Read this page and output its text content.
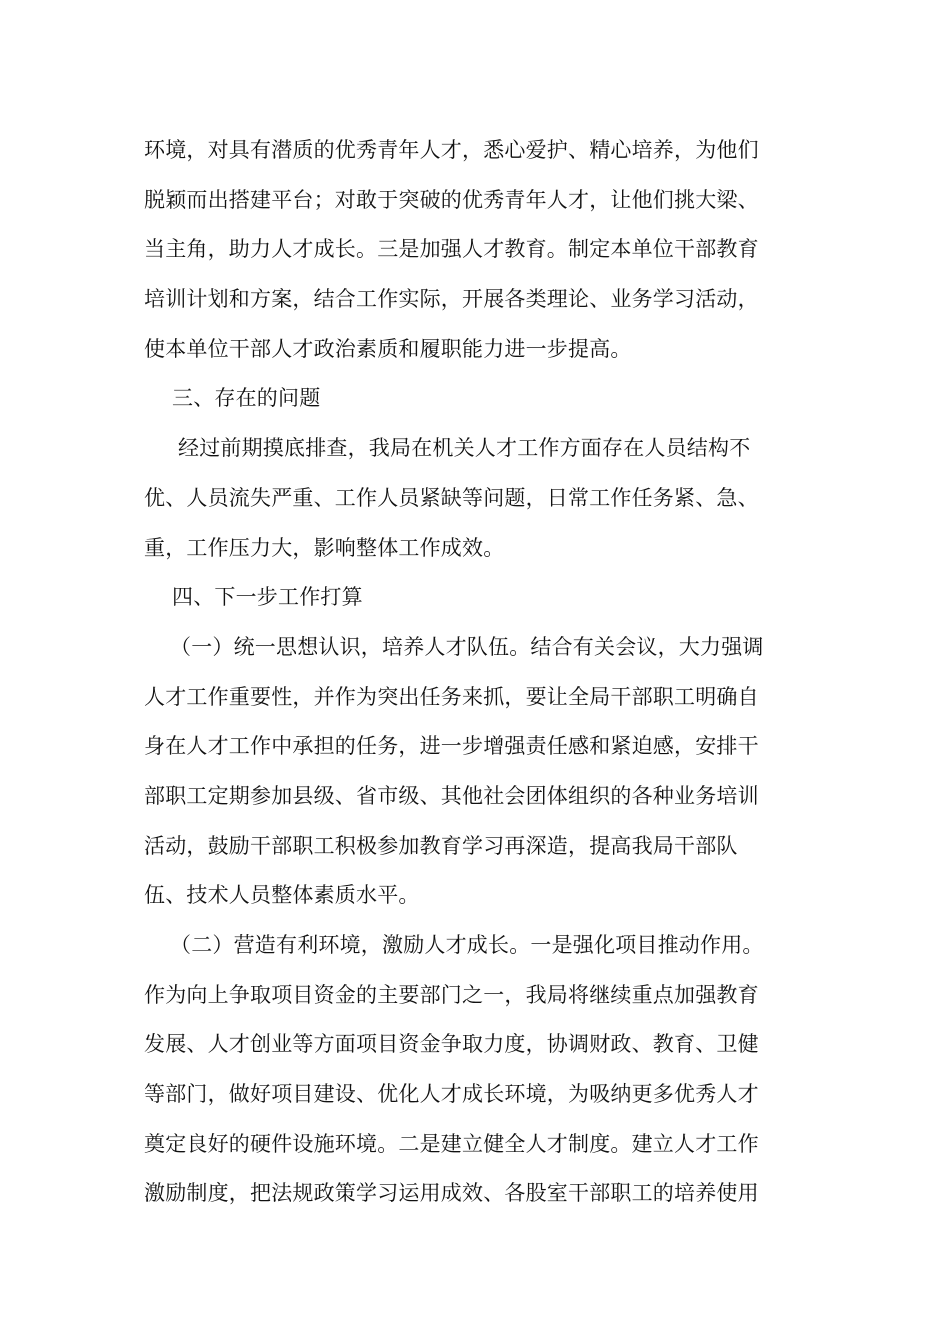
环境，对具有潜质的优秀青年人才，悉心爱护、精心培养，为他们
脱颖而出搭建平台；对敢于突破的优秀青年人才，让他们挑大梁、
当主角，助力人才成长。三是加强人才教育。制定本单位干部教育
培训计划和方案，结合工作实际，开展各类理论、业务学习活动，
使本单位干部人才政治素质和履职能力进一步提高。
三、存在的问题
经过前期摸底排查，我局在机关人才工作方面存在人员结构不
优、人员流失严重、工作人员紧缺等问题，日常工作任务紧、急、
重，工作压力大，影响整体工作成效。
四、下一步工作打算
（一）统一思想认识，培养人才队伍。结合有关会议，大力强调
人才工作重要性，并作为突出任务来抓，要让全局干部职工明确自
身在人才工作中承担的任务，进一步增强责任感和紧迫感，安排干
部职工定期参加县级、省市级、其他社会团体组织的各种业务培训
活动，鼓励干部职工积极参加教育学习再深造，提高我局干部队
伍、技术人员整体素质水平。
（二）营造有利环境，激励人才成长。一是强化项目推动作用。
作为向上争取项目资金的主要部门之一，我局将继续重点加强教育
发展、人才创业等方面项目资金争取力度，协调财政、教育、卫健
等部门，做好项目建设、优化人才成长环境，为吸纳更多优秀人才
奠定良好的硬件设施环境。二是建立健全人才制度。建立人才工作
激励制度，把法规政策学习运用成效、各股室干部职工的培养使用
